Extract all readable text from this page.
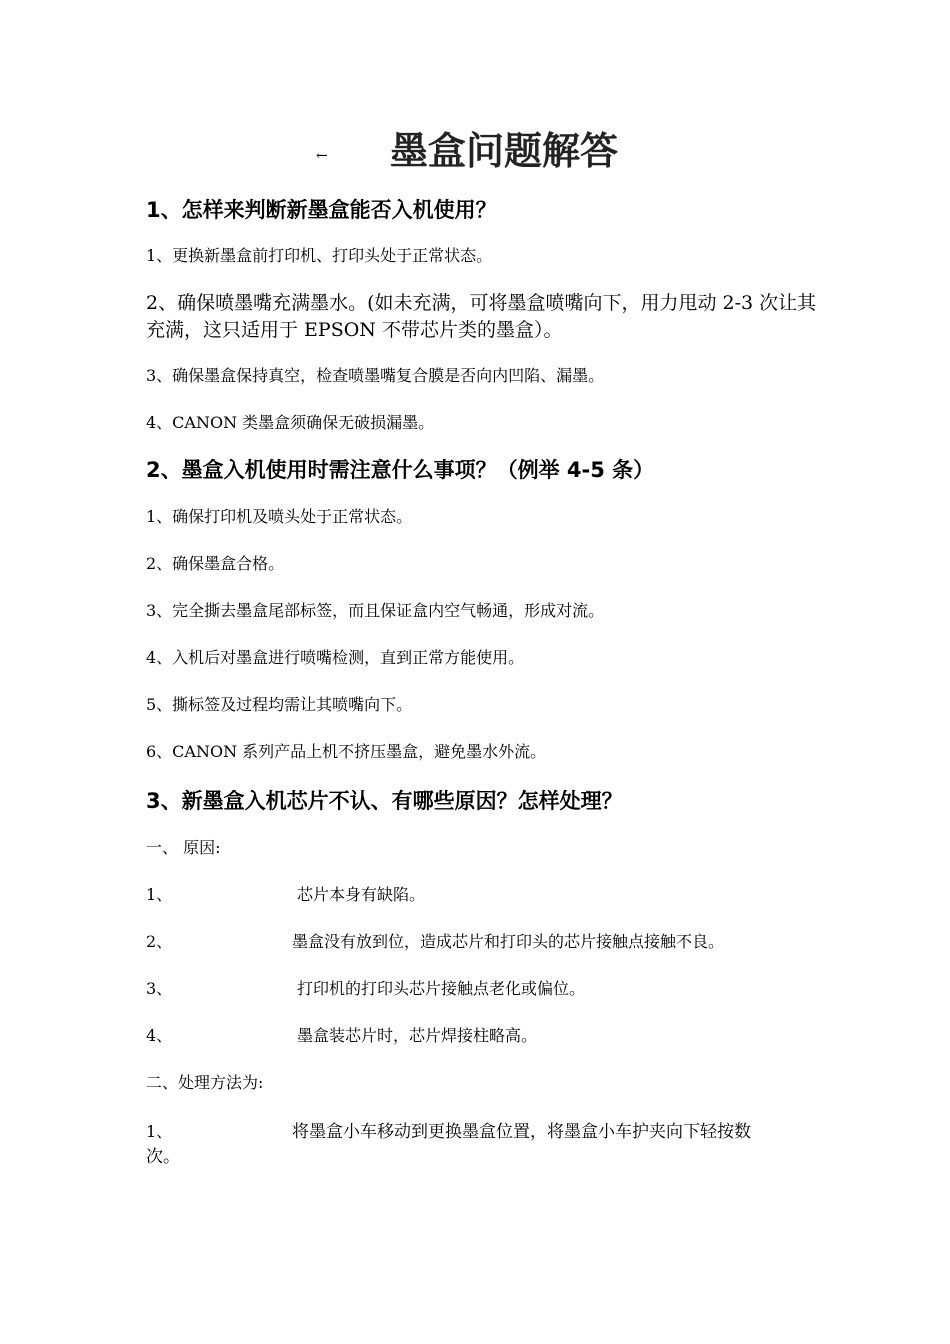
← 墨盒问题解答
1、怎样来判断新墨盒能否入机使用？
1、更换新墨盒前打印机、打印头处于正常状态。
2、确保喷墨嘴充满墨水。(如未充满，可将墨盒喷嘴向下，用力甩动 2-3 次让其
充满，这只适用于 EPSON 不带芯片类的墨盒）。
3、确保墨盒保持真空，检查喷墨嘴复合膜是否向内凹陷、漏墨。
4、CANON 类墨盒须确保无破损漏墨。
2、墨盒入机使用时需注意什么事项？（例举 4-5 条）
1、确保打印机及喷头处于正常状态。
2、确保墨盒合格。
3、完全撕去墨盒尾部标签，而且保证盒内空气畅通，形成对流。
4、入机后对墨盒进行喷嘴检测，直到正常方能使用。
5、撕标签及过程均需让其喷嘴向下。
6、CANON 系列产品上机不挤压墨盒，避免墨水外流。
3、新墨盒入机芯片不认、有哪些原因？怎样处理？
一、 原因:
1、	芯片本身有缺陷。
2、	墨盒没有放到位，造成芯片和打印头的芯片接触点接触不良。
3、	打印机的打印头芯片接触点老化或偏位。
4、	墨盒装芯片时，芯片焊接柱略高。
二、处理方法为:
1、	将墨盒小车移动到更换墨盒位置，将墨盒小车护夹向下轻按数
次。
